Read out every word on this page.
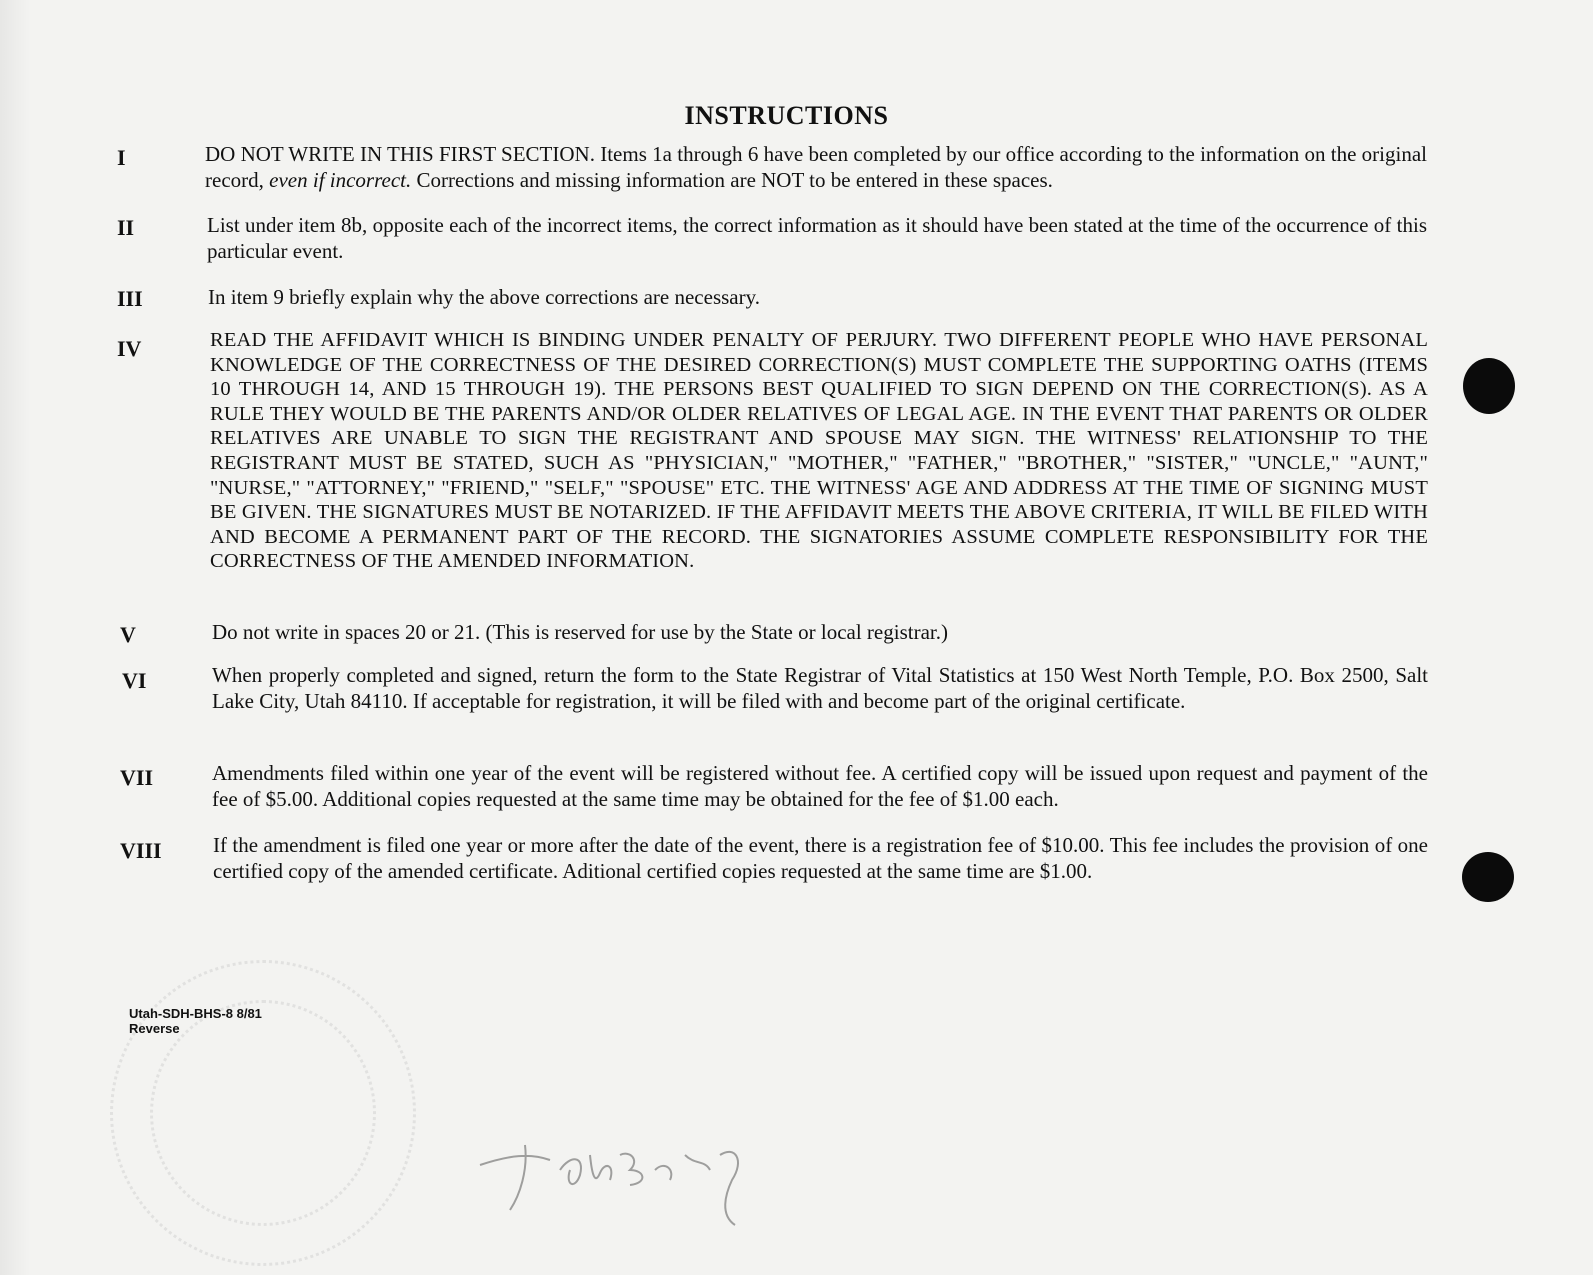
INSTRUCTIONS
I	DO NOT WRITE IN THIS FIRST SECTION. Items 1a through 6 have been completed by our office according to the information on the original record, even if incorrect. Corrections and missing information are NOT to be entered in these spaces.
II	List under item 8b, opposite each of the incorrect items, the correct information as it should have been stated at the time of the occurrence of this particular event.
III	In item 9 briefly explain why the above corrections are necessary.
IV	READ THE AFFIDAVIT WHICH IS BINDING UNDER PENALTY OF PERJURY. TWO DIFFERENT PEOPLE WHO HAVE PERSONAL KNOWLEDGE OF THE CORRECTNESS OF THE DESIRED CORRECTION(S) MUST COMPLETE THE SUPPORTING OATHS (ITEMS 10 THROUGH 14, AND 15 THROUGH 19). THE PERSONS BEST QUALIFIED TO SIGN DEPEND ON THE CORRECTION(S). AS A RULE THEY WOULD BE THE PARENTS AND/OR OLDER RELATIVES OF LEGAL AGE. IN THE EVENT THAT PARENTS OR OLDER RELATIVES ARE UNABLE TO SIGN THE REGISTRANT AND SPOUSE MAY SIGN. THE WITNESS' RELATIONSHIP TO THE REGISTRANT MUST BE STATED, SUCH AS "PHYSICIAN," "MOTHER," "FATHER," "BROTHER," "SISTER," "UNCLE," "AUNT," "NURSE," "ATTORNEY," "FRIEND," "SELF," "SPOUSE" ETC. THE WITNESS' AGE AND ADDRESS AT THE TIME OF SIGNING MUST BE GIVEN. THE SIGNATURES MUST BE NOTARIZED. IF THE AFFIDAVIT MEETS THE ABOVE CRITERIA, IT WILL BE FILED WITH AND BECOME A PERMANENT PART OF THE RECORD. THE SIGNATORIES ASSUME COMPLETE RESPONSIBILITY FOR THE CORRECTNESS OF THE AMENDED INFORMATION.
V	Do not write in spaces 20 or 21. (This is reserved for use by the State or local registrar.)
VI	When properly completed and signed, return the form to the State Registrar of Vital Statistics at 150 West North Temple, P.O. Box 2500, Salt Lake City, Utah 84110. If acceptable for registration, it will be filed with and become part of the original certificate.
VII	Amendments filed within one year of the event will be registered without fee. A certified copy will be issued upon request and payment of the fee of $5.00. Additional copies requested at the same time may be obtained for the fee of $1.00 each.
VIII If the amendment is filed one year or more after the date of the event, there is a registration fee of $10.00. This fee includes the provision of one certified copy of the amended certificate. Aditional certified copies requested at the same time are $1.00.
Utah-SDH-BHS-8 8/81
Reverse
